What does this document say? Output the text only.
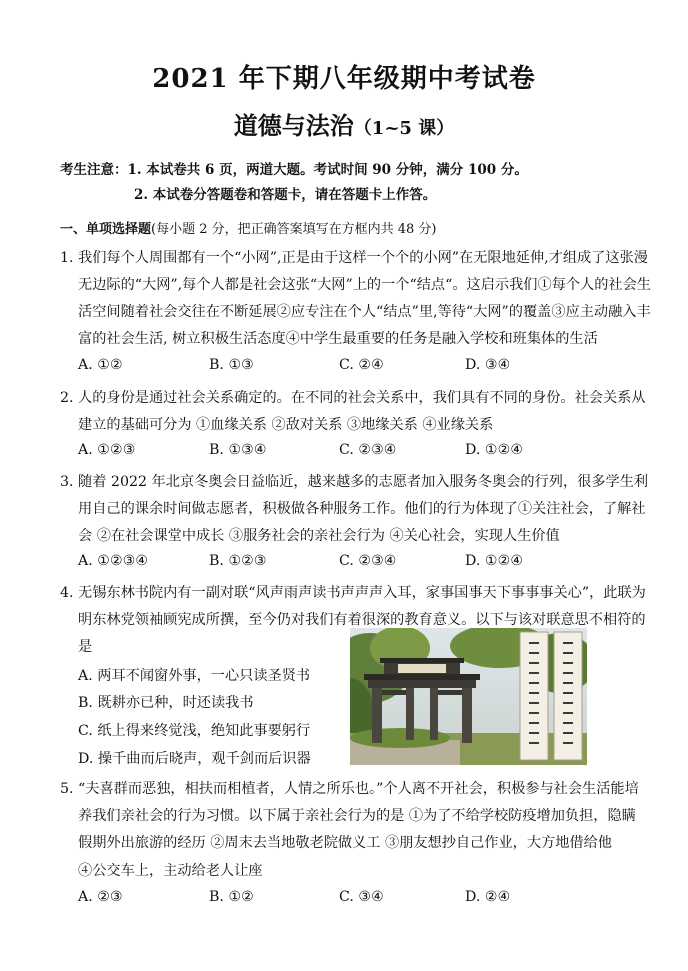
2021 年下期八年级期中考试卷
道德与法治（1~5 课）
考生注意：1. 本试卷共 6 页，两道大题。考试时间 90 分钟，满分 100 分。
2. 本试卷分答题卷和答题卡，请在答题卡上作答。
一、单项选择题(每小题 2 分，把正确答案填写在方框内共 48 分)
1. 我们每个人周围都有一个“小网”,正是由于这样一个个的小网”在无限地延伸,才组成了这张漫
无边际的“大网”,每个人都是社会这张“大网”上的一个“结点“。这启示我们①每个人的社会生
活空间随着社会交往在不断延展②应专注在个人“结点”里,等待“大网”的覆盖③应主动融入丰
富的社会生活, 树立积极生活态度④中学生最重要的任务是融入学校和班集体的生活
A. ①②	B. ①③	C. ②④	D. ③④
2. 人的身份是通过社会关系确定的。在不同的社会关系中，我们具有不同的身份。社会关系从
建立的基础可分为 ①血缘关系 ②敌对关系 ③地缘关系 ④业缘关系
A. ①②③	B. ①③④	C. ②③④	D. ①②④
3. 随着 2022 年北京冬奥会日益临近，越来越多的志愿者加入服务冬奥会的行列，很多学生利
用自己的课余时间做志愿者，积极做各种服务工作。他们的行为体现了①关注社会，了解社
会 ②在社会课堂中成长 ③服务社会的亲社会行为 ④关心社会，实现人生价值
A. ①②③④	B. ①②③	C. ②③④	D. ①②④
4. 无锡东林书院内有一副对联“风声雨声读书声声声入耳，家事国事天下事事事关心”，此联为
明东林党领袖顾宪成所撰，至今仍对我们有着很深的教育意义。以下与该对联意思不相符的
是
A. 两耳不闻窗外事，一心只读圣贤书
B. 既耕亦已种，时还读我书
C. 纸上得来终觉浅，绝知此事要躬行
D. 操千曲而后晓声，观千剑而后识器
5. “夫喜群而恶独，相扶而相植者，人情之所乐也。”个人离不开社会，积极参与社会生活能培
养我们亲社会的行为习惯。以下属于亲社会行为的是 ①为了不给学校防疫增加负担，隐瞒
假期外出旅游的经历 ②周末去当地敬老院做义工 ③朋友想抄自己作业，大方地借给他
④公交车上，主动给老人让座
A. ②③	B. ①②	C. ③④	D. ②④
